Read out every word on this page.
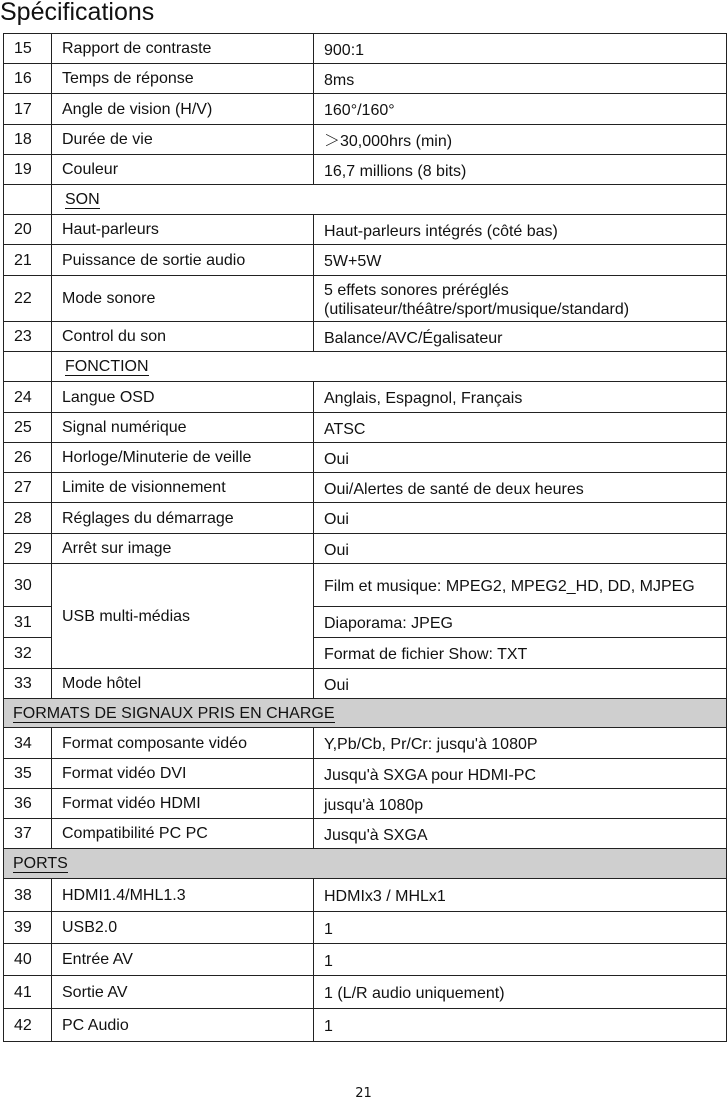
Spécifications
15	Rapport de contraste	900:1
16	Temps de réponse	8ms
17	Angle de vision (H/V)	160°/160°
18	Durée de vie	＞30,000hrs (min)
19	Couleur	16,7 millions (8 bits)
	SON	
20	Haut-parleurs	Haut-parleurs intégrés (côté bas)
21	Puissance de sortie audio	5W+5W
22	Mode sonore	5 effets sonores préréglés (utilisateur/théâtre/sport/musique/standard)
23	Control du son	Balance/AVC/Égalisateur
	FONCTION	
24	Langue OSD	Anglais, Espagnol, Français
25	Signal numérique	ATSC
26	Horloge/Minuterie de veille	Oui
27	Limite de visionnement	Oui/Alertes de santé de deux heures
28	Réglages du démarrage	Oui
29	Arrêt sur image	Oui
30	USB multi-médias	Film et musique: MPEG2, MPEG2_HD, DD, MJPEG
31		Diaporama: JPEG
32		Format de fichier Show: TXT
33	Mode hôtel	Oui
FORMATS DE SIGNAUX PRIS EN CHARGE		
34	Format composante vidéo	Y,Pb/Cb, Pr/Cr: jusqu'à 1080P
35	Format vidéo DVI	Jusqu'à SXGA pour HDMI-PC
36	Format vidéo HDMI	jusqu'à 1080p
37	Compatibilité PC PC	Jusqu'à SXGA
PORTS		
38	HDMI1.4/MHL1.3	HDMIx3 / MHLx1
39	USB2.0	1
40	Entrée AV	1
41	Sortie AV	1 (L/R audio uniquement)
42	PC Audio	1
21
